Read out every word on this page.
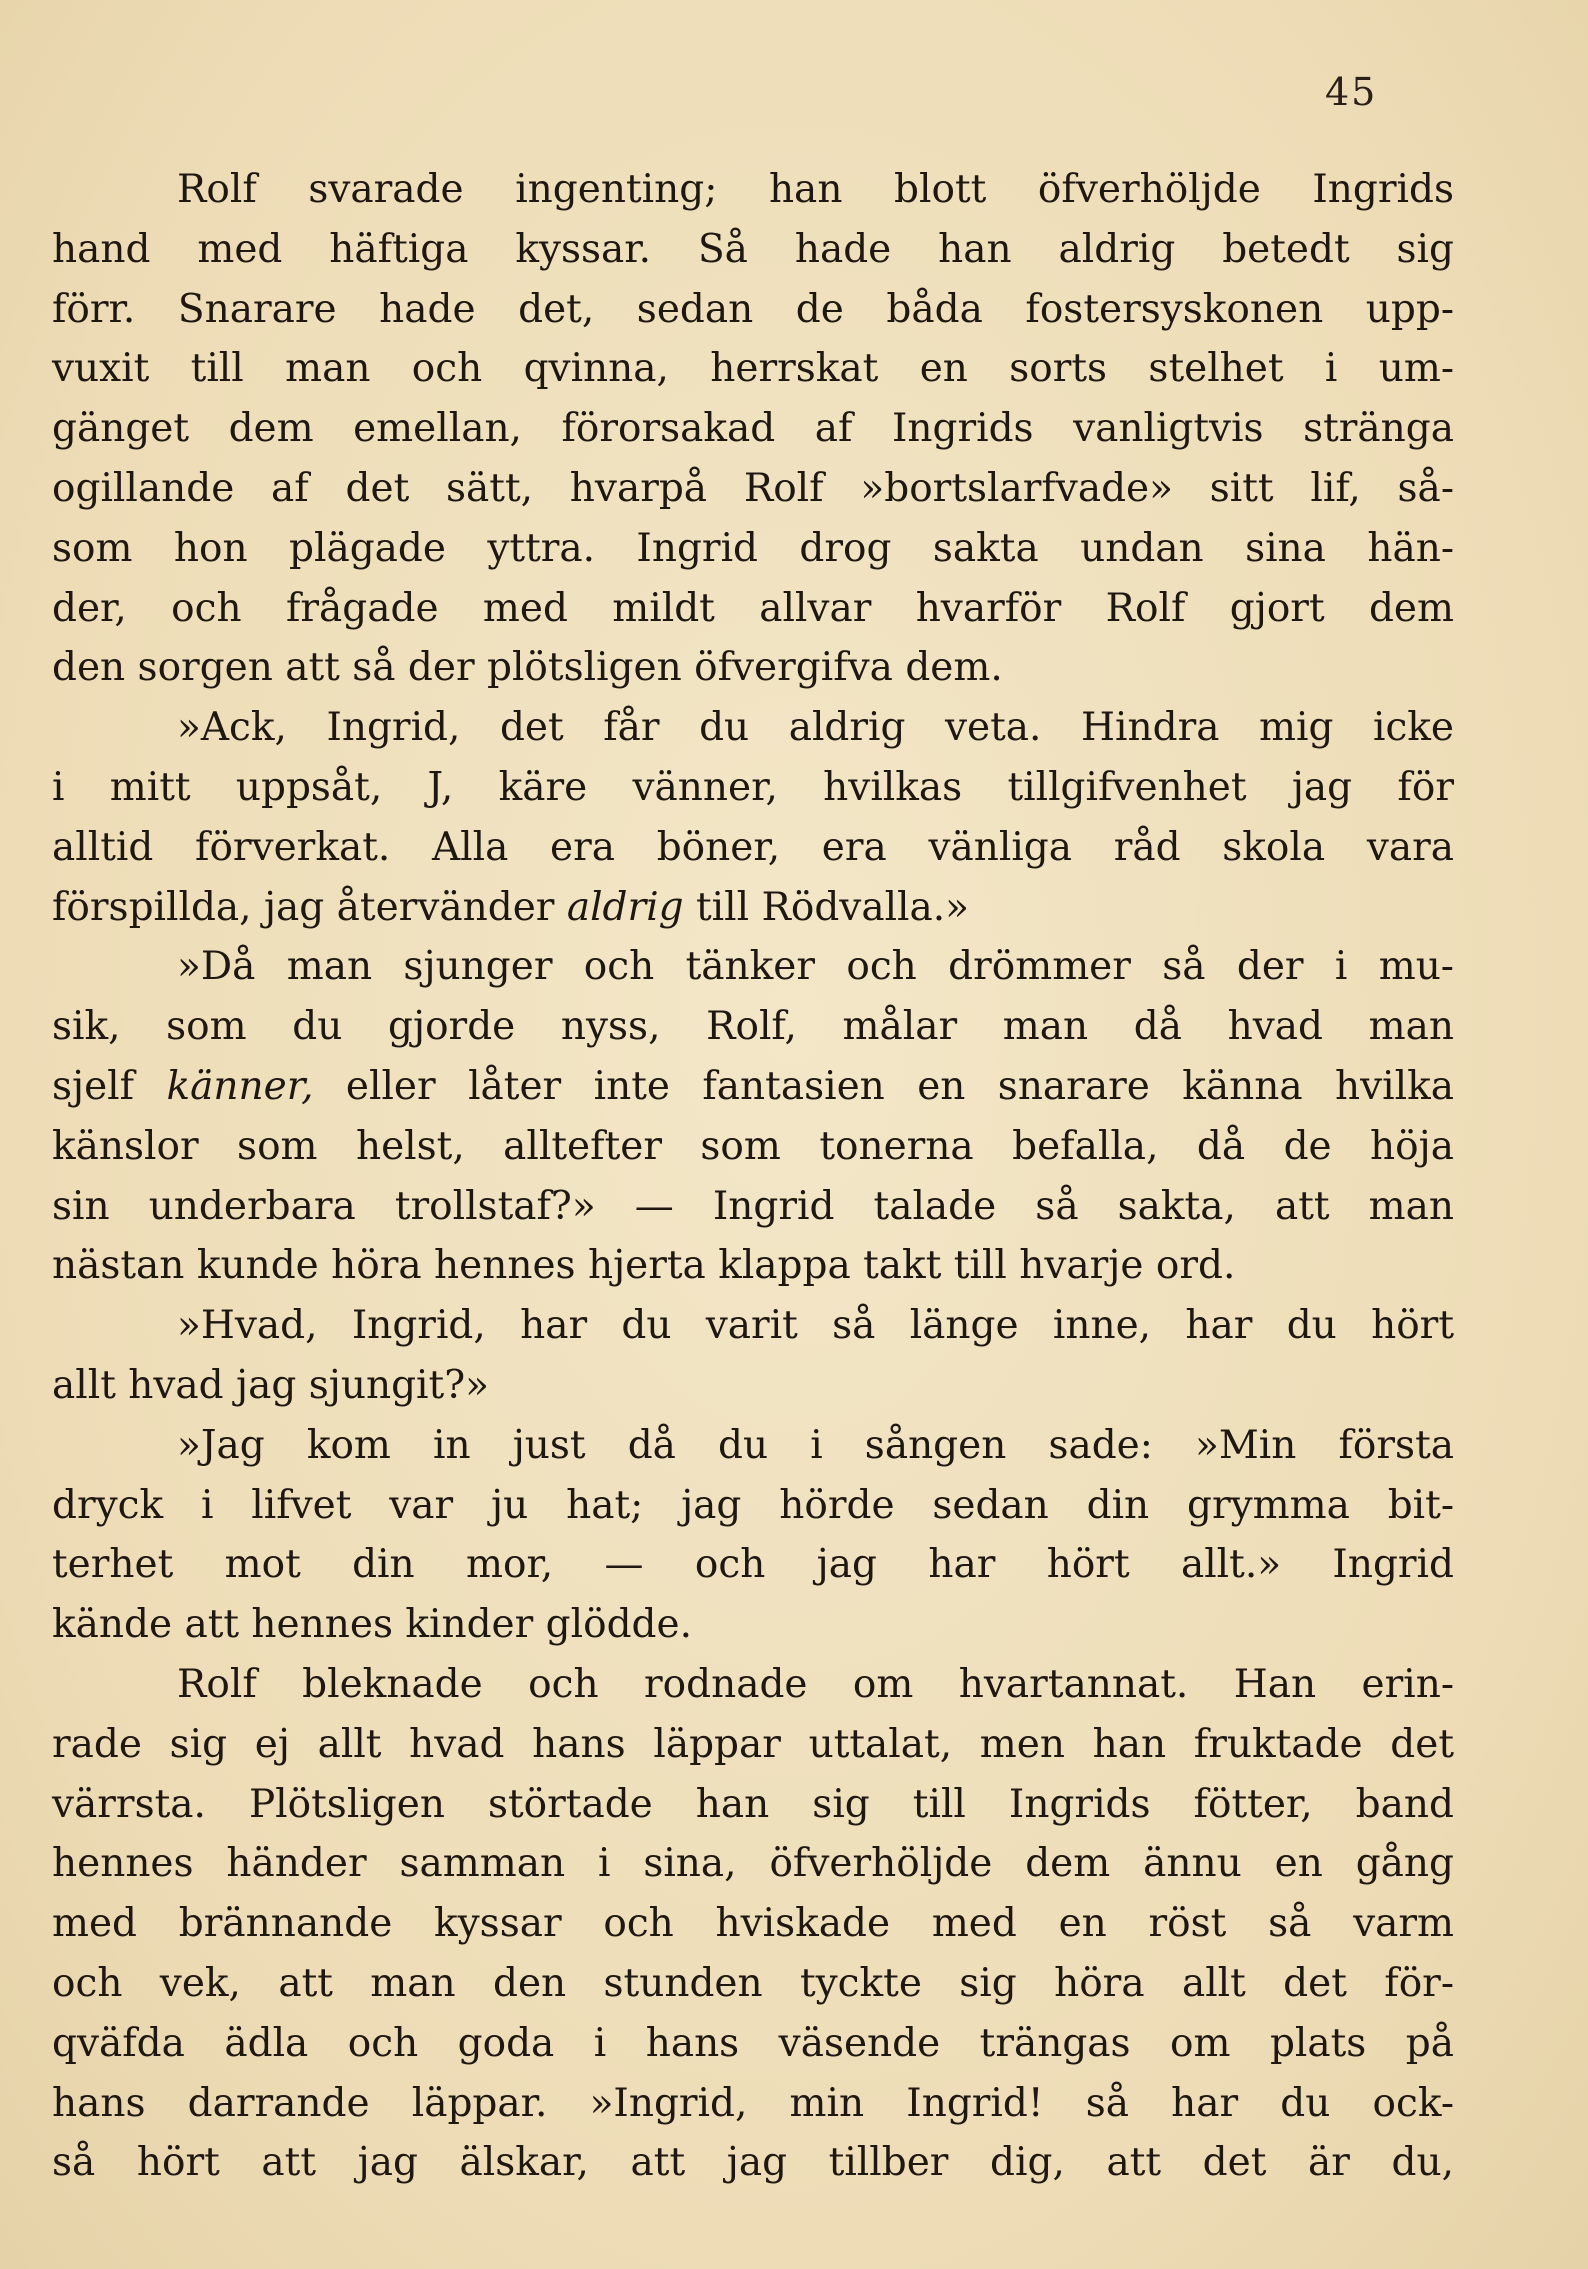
45
Rolf svarade ingenting; han blott öfverhöljde Ingrids
hand med häftiga kyssar. Så hade han aldrig betedt sig
förr. Snarare hade det, sedan de båda fostersyskonen upp-
vuxit till man och qvinna, herrskat en sorts stelhet i um-
gänget dem emellan, förorsakad af Ingrids vanligtvis stränga
ogillande af det sätt, hvarpå Rolf »bortslarfvade» sitt lif, så-
som hon plägade yttra. Ingrid drog sakta undan sina hän-
der, och frågade med mildt allvar hvarför Rolf gjort dem
den sorgen att så der plötsligen öfvergifva dem.
»Ack, Ingrid, det får du aldrig veta. Hindra mig icke
i mitt uppsåt, J, käre vänner, hvilkas tillgifvenhet jag för
alltid förverkat. Alla era böner, era vänliga råd skola vara
förspillda, jag återvänder aldrig till Rödvalla.»
»Då man sjunger och tänker och drömmer så der i mu-
sik, som du gjorde nyss, Rolf, målar man då hvad man
sjelf känner, eller låter inte fantasien en snarare känna hvilka
känslor som helst, alltefter som tonerna befalla, då de höja
sin underbara trollstaf?» — Ingrid talade så sakta, att man
nästan kunde höra hennes hjerta klappa takt till hvarje ord.
»Hvad, Ingrid, har du varit så länge inne, har du hört
allt hvad jag sjungit?»
»Jag kom in just då du i sången sade: »Min första
dryck i lifvet var ju hat; jag hörde sedan din grymma bit-
terhet mot din mor, — och jag har hört allt.» Ingrid
kände att hennes kinder glödde.
Rolf bleknade och rodnade om hvartannat. Han erin-
rade sig ej allt hvad hans läppar uttalat, men han fruktade det
värrsta. Plötsligen störtade han sig till Ingrids fötter, band
hennes händer samman i sina, öfverhöljde dem ännu en gång
med brännande kyssar och hviskade med en röst så varm
och vek, att man den stunden tyckte sig höra allt det för-
qväfda ädla och goda i hans väsende trängas om plats på
hans darrande läppar. »Ingrid, min Ingrid! så har du ock-
så hört att jag älskar, att jag tillber dig, att det är du,
